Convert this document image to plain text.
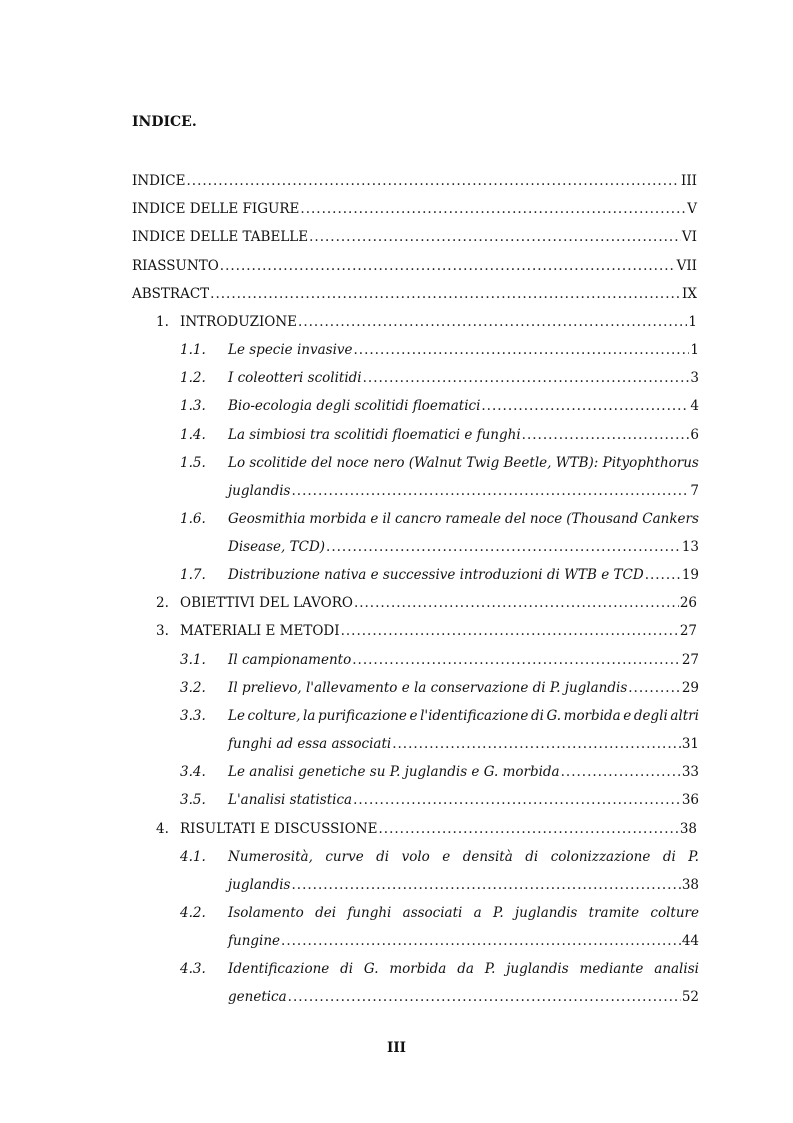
INDICE.
INDICE .....	III
INDICE DELLE FIGURE .....	V
INDICE DELLE TABELLE .....	VI
RIASSUNTO .....	VII
ABSTRACT .....	IX
1. INTRODUZIONE .....	1
1.1.	Le specie invasive .....	1
1.2.	I coleotteri scolitidi .....	3
1.3.	Bio-ecologia degli scolitidi floematici .....	4
1.4.	La simbiosi tra scolitidi floematici e funghi .....	6
1.5. Lo scolitide del noce nero (Walnut Twig Beetle, WTB): Pityophthorus
juglandis .....	7
1.6. Geosmithia morbida e il cancro rameale del noce (Thousand Cankers
Disease, TCD) .....	13
1.7.	Distribuzione nativa e successive introduzioni di WTB e TCD .....	19
2. OBIETTIVI DEL LAVORO .....	26
3. MATERIALI E METODI .....	27
3.1.	Il campionamento .....	27
3.2.	Il prelievo, l'allevamento e la conservazione di P. juglandis .....	29
3.3. Le colture, la purificazione e l'identificazione di G. morbida e degli altri
funghi ad essa associati .....	31
3.4.	Le analisi genetiche su P. juglandis e G. morbida .....	33
3.5.	L'analisi statistica .....	36
4. RISULTATI E DISCUSSIONE .....	38
4.1. Numerosità, curve di volo e densità di colonizzazione di P.
juglandis .....	38
4.2. Isolamento dei funghi associati a P. juglandis tramite colture
fungine .....	44
4.3. Identificazione di G. morbida da P. juglandis mediante analisi
genetica .....	52
III
